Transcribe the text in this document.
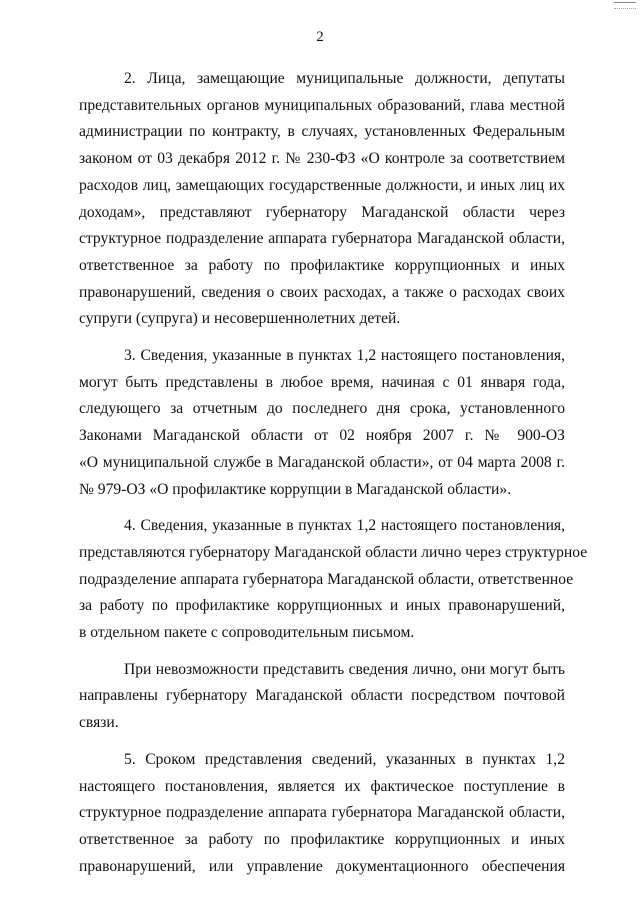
2

2. Лица, замещающие муниципальные должности, депутаты
представительных органов муниципальных образований, глава местной
администрации по контракту, в случаях, установленных Федеральным
законом от 03 декабря 2012 г. № 230-ФЗ «О контроле за соответствием
расходов лиц, замещающих государственные должности, и иных лиц их
доходам», представляют губернатору Магаданской области через
структурное подразделение аппарата губернатора Магаданской области,
ответственное за работу по профилактике коррупционных и иных
правонарушений, сведения о своих расходах, а также о расходах своих
супруги (супруга) и несовершеннолетних детей.

3. Сведения, указанные в пунктах 1,2 настоящего постановления,
могут быть представлены в любое время, начиная с 01 января года,
следующего за отчетным до последнего дня срока, установленного
Законами Магаданской области от 02 ноября 2007 г. № 900-ОЗ
«О муниципальной службе в Магаданской области», от 04 марта 2008 г.
№ 979-ОЗ «О профилактике коррупции в Магаданской области».

4. Сведения, указанные в пунктах 1,2 настоящего постановления,
представляются губернатору Магаданской области лично через структурное
подразделение аппарата губернатора Магаданской области, ответственное
за работу по профилактике коррупционных и иных правонарушений,
в отдельном пакете с сопроводительным письмом.

При невозможности представить сведения лично, они могут быть
направлены губернатору Магаданской области посредством почтовой
связи.

5. Сроком представления сведений, указанных в пунктах 1,2
настоящего постановления, является их фактическое поступление в
структурное подразделение аппарата губернатора Магаданской области,
ответственное за работу по профилактике коррупционных и иных
правонарушений, или управление документационного обеспечения
